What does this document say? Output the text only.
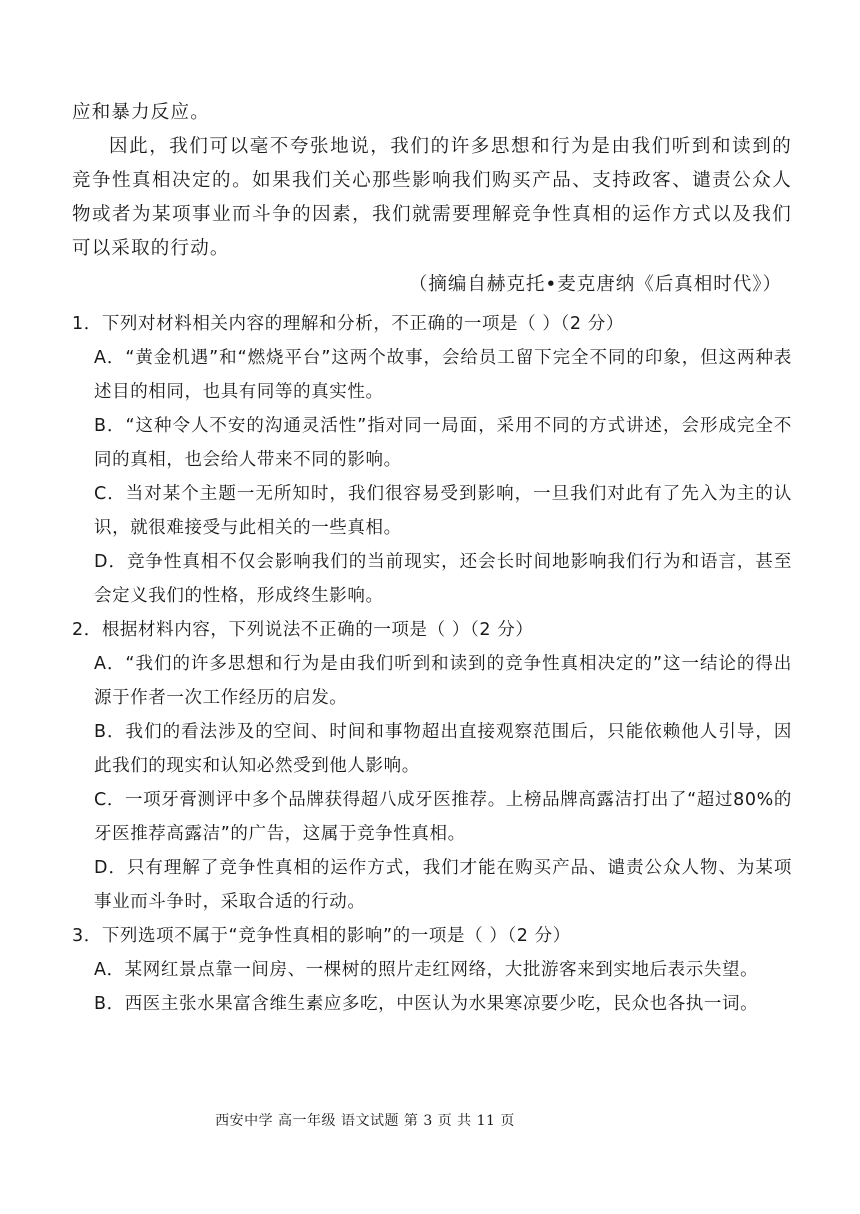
应和暴力反应。
因此，我们可以毫不夸张地说，我们的许多思想和行为是由我们听到和读到的竞争性真相决定的。如果我们关心那些影响我们购买产品、支持政客、谴责公众人物或者为某项事业而斗争的因素，我们就需要理解竞争性真相的运作方式以及我们可以采取的行动。
（摘编自赫克托•麦克唐纳《后真相时代》）
1．下列对材料相关内容的理解和分析，不正确的一项是（ ）（2 分）
A．“黄金机遇”和“燃烧平台”这两个故事，会给员工留下完全不同的印象，但这两种表述目的相同，也具有同等的真实性。
B．“这种令人不安的沟通灵活性”指对同一局面，采用不同的方式讲述，会形成完全不同的真相，也会给人带来不同的影响。
C．当对某个主题一无所知时，我们很容易受到影响，一旦我们对此有了先入为主的认识，就很难接受与此相关的一些真相。
D．竞争性真相不仅会影响我们的当前现实，还会长时间地影响我们行为和语言，甚至会定义我们的性格，形成终生影响。
2．根据材料内容，下列说法不正确的一项是（ ）（2 分）
A．“我们的许多思想和行为是由我们听到和读到的竞争性真相决定的”这一结论的得出源于作者一次工作经历的启发。
B．我们的看法涉及的空间、时间和事物超出直接观察范围后，只能依赖他人引导，因此我们的现实和认知必然受到他人影响。
C．一项牙膏测评中多个品牌获得超八成牙医推荐。上榜品牌高露洁打出了“超过80%的牙医推荐高露洁”的广告，这属于竞争性真相。
D．只有理解了竞争性真相的运作方式，我们才能在购买产品、谴责公众人物、为某项事业而斗争时，采取合适的行动。
3．下列选项不属于“竞争性真相的影响”的一项是（ ）（2 分）
A．某网红景点靠一间房、一棵树的照片走红网络，大批游客来到实地后表示失望。
B．西医主张水果富含维生素应多吃，中医认为水果寒凉要少吃，民众也各执一词。
西安中学 高一年级 语文试题 第 3 页 共 11 页
